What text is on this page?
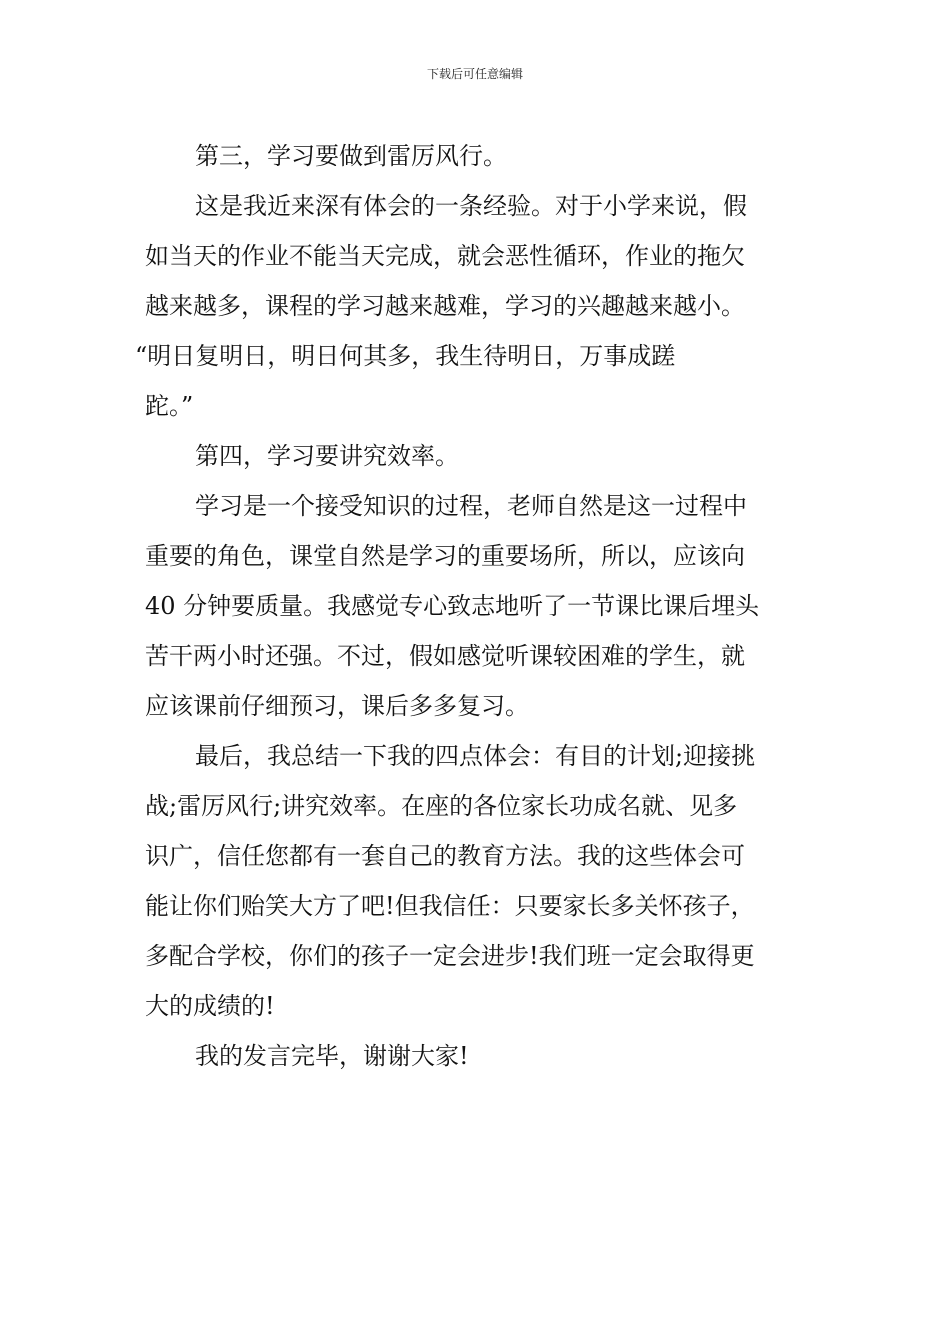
下载后可任意编辑

第三，学习要做到雷厉风行。

这是我近来深有体会的一条经验。对于小学来说，假
如当天的作业不能当天完成，就会恶性循环，作业的拖欠
越来越多，课程的学习越来越难，学习的兴趣越来越小。
“明日复明日，明日何其多，我生待明日，万事成蹉
跎。”

第四，学习要讲究效率。

学习是一个接受知识的过程，老师自然是这一过程中
重要的角色，课堂自然是学习的重要场所，所以，应该向
40 分钟要质量。我感觉专心致志地听了一节课比课后埋头
苦干两小时还强。不过，假如感觉听课较困难的学生，就
应该课前仔细预习，课后多多复习。

最后，我总结一下我的四点体会：有目的计划;迎接挑
战;雷厉风行;讲究效率。在座的各位家长功成名就、见多
识广，信任您都有一套自己的教育方法。我的这些体会可
能让你们贻笑大方了吧!但我信任：只要家长多关怀孩子，
多配合学校，你们的孩子一定会进步!我们班一定会取得更
大的成绩的!

我的发言完毕，谢谢大家!
